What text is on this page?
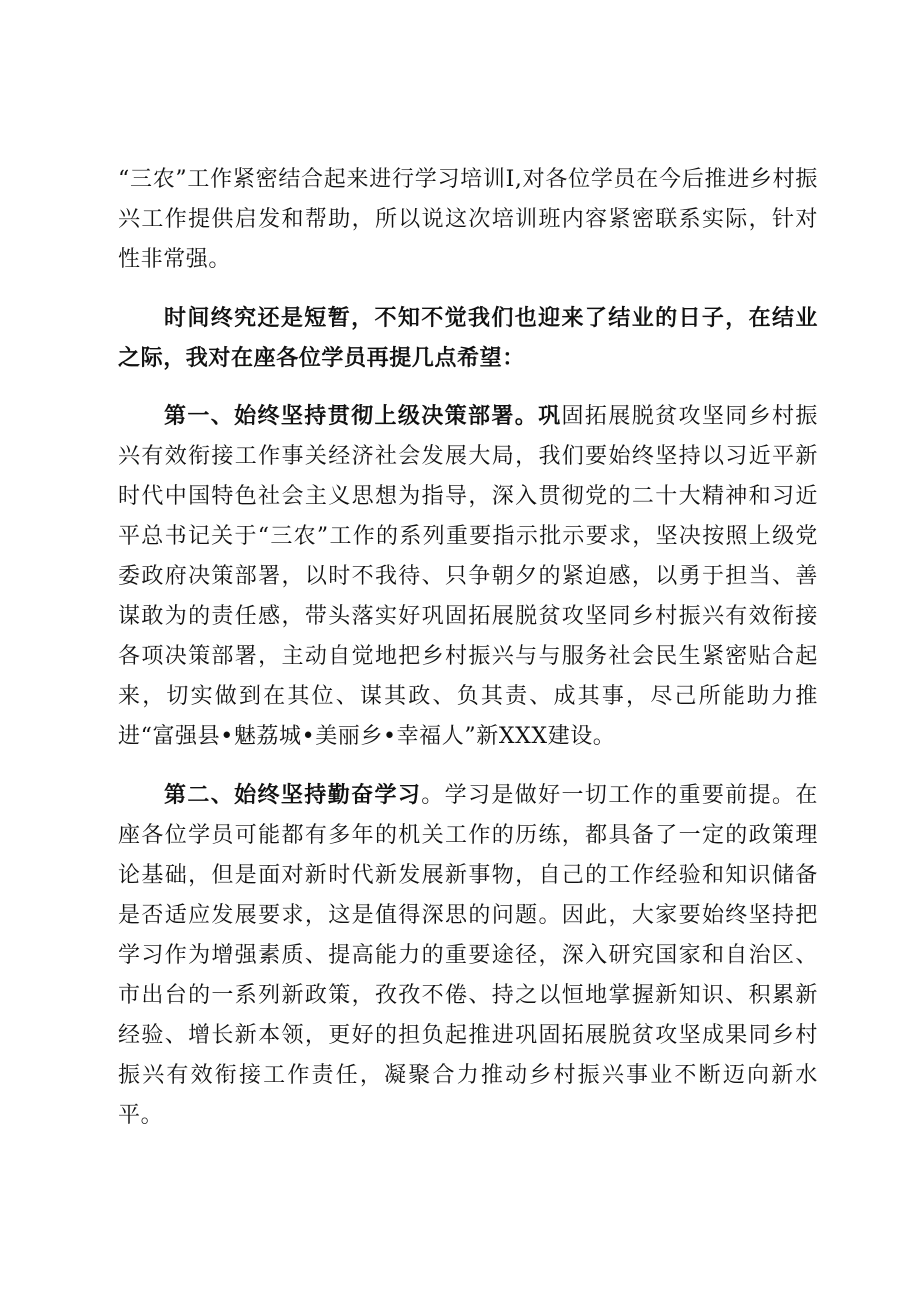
“三农”工作紧密结合起来进行学习培训I,对各位学员在今后推进乡村振兴工作提供启发和帮助，所以说这次培训班内容紧密联系实际，针对性非常强。

时间终究还是短暂，不知不觉我们也迎来了结业的日子，在结业之际，我对在座各位学员再提几点希望：

第一、始终坚持贯彻上级决策部署。巩固拓展脱贫攻坚同乡村振兴有效衔接工作事关经济社会发展大局，我们要始终坚持以习近平新时代中国特色社会主义思想为指导，深入贯彻党的二十大精神和习近平总书记关于“三农”工作的系列重要指示批示要求，坚决按照上级党委政府决策部署，以时不我待、只争朝夕的紧迫感，以勇于担当、善谋敢为的责任感，带头落实好巩固拓展脱贫攻坚同乡村振兴有效衔接各项决策部署，主动自觉地把乡村振兴与与服务社会民生紧密贴合起来，切实做到在其位、谋其政、负其责、成其事，尽己所能助力推进“富强县•魅荔城•美丽乡•幸福人”新XXX建设。

第二、始终坚持勤奋学习。学习是做好一切工作的重要前提。在座各位学员可能都有多年的机关工作的历练，都具备了一定的政策理论基础，但是面对新时代新发展新事物，自己的工作经验和知识储备是否适应发展要求，这是值得深思的问题。因此，大家要始终坚持把学习作为增强素质、提高能力的重要途径，深入研究国家和自治区、市出台的一系列新政策，孜孜不倦、持之以恒地掌握新知识、积累新经验、增长新本领，更好的担负起推进巩固拓展脱贫攻坚成果同乡村振兴有效衔接工作责任，凝聚合力推动乡村振兴事业不断迈向新水平。
